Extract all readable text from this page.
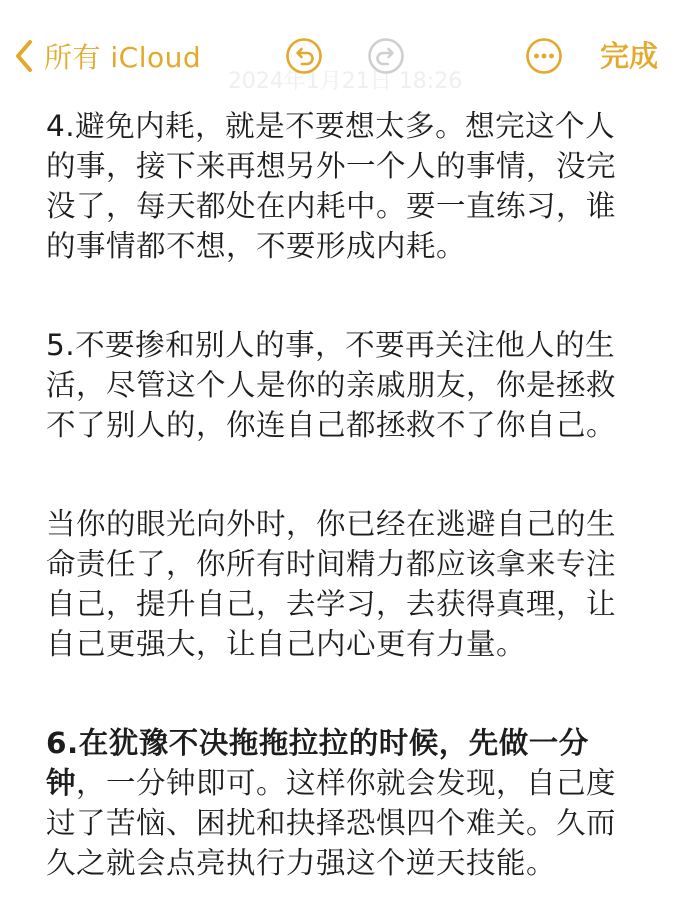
2024年1月21日 18:26
所有 iCloud	完成
4.避免内耗，就是不要想太多。想完这个人
的事，接下来再想另外一个人的事情，没完
没了，每天都处在内耗中。要一直练习，谁
的事情都不想，不要形成内耗。
5.不要掺和别人的事，不要再关注他人的生
活，尽管这个人是你的亲戚朋友，你是拯救
不了别人的，你连自己都拯救不了你自己。
当你的眼光向外时，你已经在逃避自己的生
命责任了，你所有时间精力都应该拿来专注
自己，提升自己，去学习，去获得真理，让
自己更强大，让自己内心更有力量。
6.在犹豫不决拖拖拉拉的时候，先做一分
钟，一分钟即可。这样你就会发现，自己度
过了苦恼、困扰和抉择恐惧四个难关。久而
久之就会点亮执行力强这个逆天技能。
